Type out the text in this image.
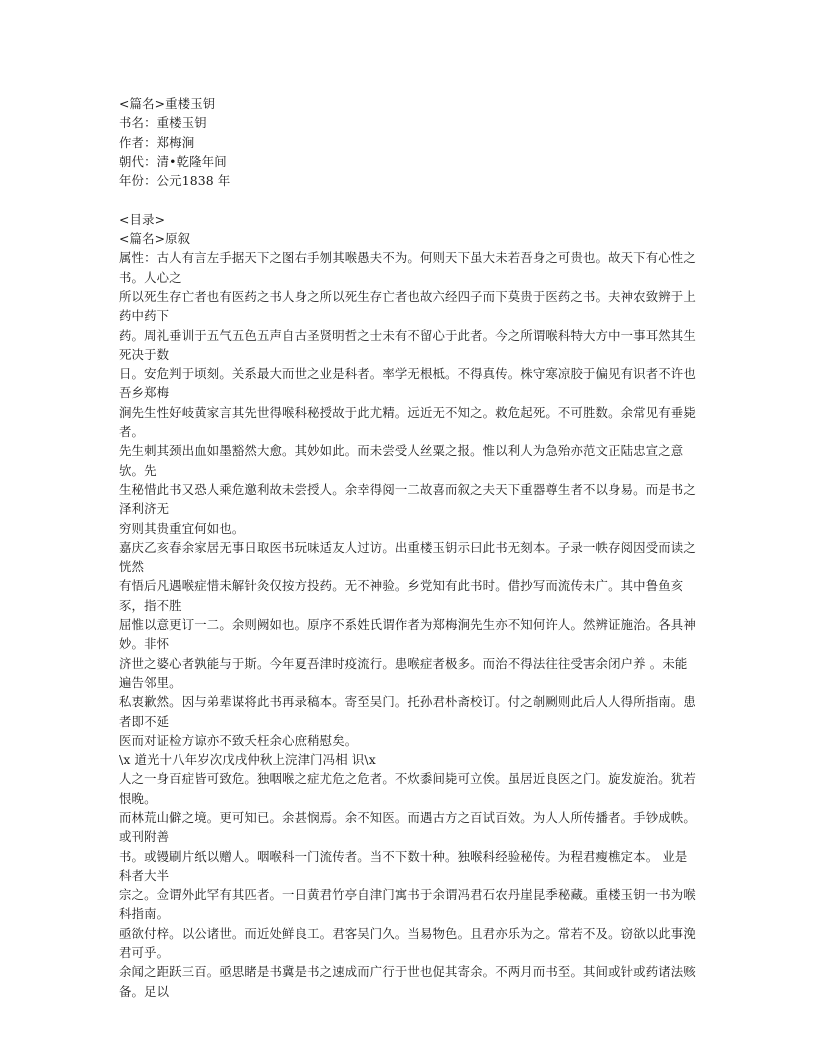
<篇名>重楼玉钥
书名：重楼玉钥
作者：郑梅涧
朝代：清•乾隆年间
年份：公元1838 年
<目录>
<篇名>原叙
属性：古人有言左手据天下之图右手刎其喉愚夫不为。何则天下虽大未若吾身之可贵也。故天下有心性之书。人心之
所以死生存亡者也有医药之书人身之所以死生存亡者也故六经四子而下莫贵于医药之书。夫神农致辨于上药中药下
药。周礼垂训于五气五色五声自古圣贤明哲之士未有不留心于此者。今之所谓喉科特大方中一事耳然其生死决于数
日。安危判于顷刻。关系最大而世之业是科者。率学无根柢。不得真传。株守寒凉胶于偏见有识者不许也吾乡郑梅
涧先生性好岐黄家言其先世得喉科秘授故于此尤精。远近无不知之。救危起死。不可胜数。余常见有垂毙者。
先生刺其颈出血如墨豁然大愈。其妙如此。而未尝受人丝粟之报。惟以利人为急殆亦范文正陆忠宣之意欤。先
生秘惜此书又恐人乘危邀利故未尝授人。余幸得阅一二故喜而叙之夫天下重器尊生者不以身易。而是书之泽利济无
穷则其贵重宜何如也。
嘉庆乙亥春余家居无事日取医书玩味适友人过访。出重楼玉钥示曰此书无刻本。子录一帙存阅因受而读之恍然
有悟后凡遇喉症惜未解针灸仅按方投药。无不神验。乡党知有此书时。借抄写而流传未广。其中鲁鱼亥豕，指不胜
屈惟以意更订一二。余则阙如也。原序不系姓氏谓作者为郑梅涧先生亦不知何许人。然辨证施治。各具神妙。非怀
济世之婆心者孰能与于斯。今年夏吾津时疫流行。患喉症者极多。而治不得法往往受害余闭户养 。未能遍告邻里。
私衷歉然。因与弟辈谋将此书再录稿本。寄至吴门。托孙君朴斋校订。付之剞劂则此后人人得所指南。患者即不延
医而对证检方谅亦不致夭枉余心庶稍慰矣。
\x 道光十八年岁次戊戌仲秋上浣津门冯相 识\x
人之一身百症皆可致危。独咽喉之症尤危之危者。不炊黍间毙可立俟。虽居近良医之门。旋发旋治。犹若恨晚。
而林荒山僻之境。更可知已。余甚悯焉。余不知医。而遇古方之百试百效。为人人所传播者。手钞成帙。或刊附善
书。或镘刷片纸以赠人。咽喉科一门流传者。当不下数十种。独喉科经验秘传。为程君瘦樵定本。 业是科者大半
宗之。佥谓外此罕有其匹者。一日黄君竹亭自津门寓书于余谓冯君石农丹崖昆季秘藏。重楼玉钥一书为喉科指南。
亟欲付梓。以公诸世。而近处鲜良工。君客吴门久。当易物色。且君亦乐为之。常若不及。窃欲以此事浼君可乎。
余闻之距跃三百。亟思睹是书冀是书之速成而广行于世也促其寄余。不两月而书至。其间或针或药诸法赅备。足以
